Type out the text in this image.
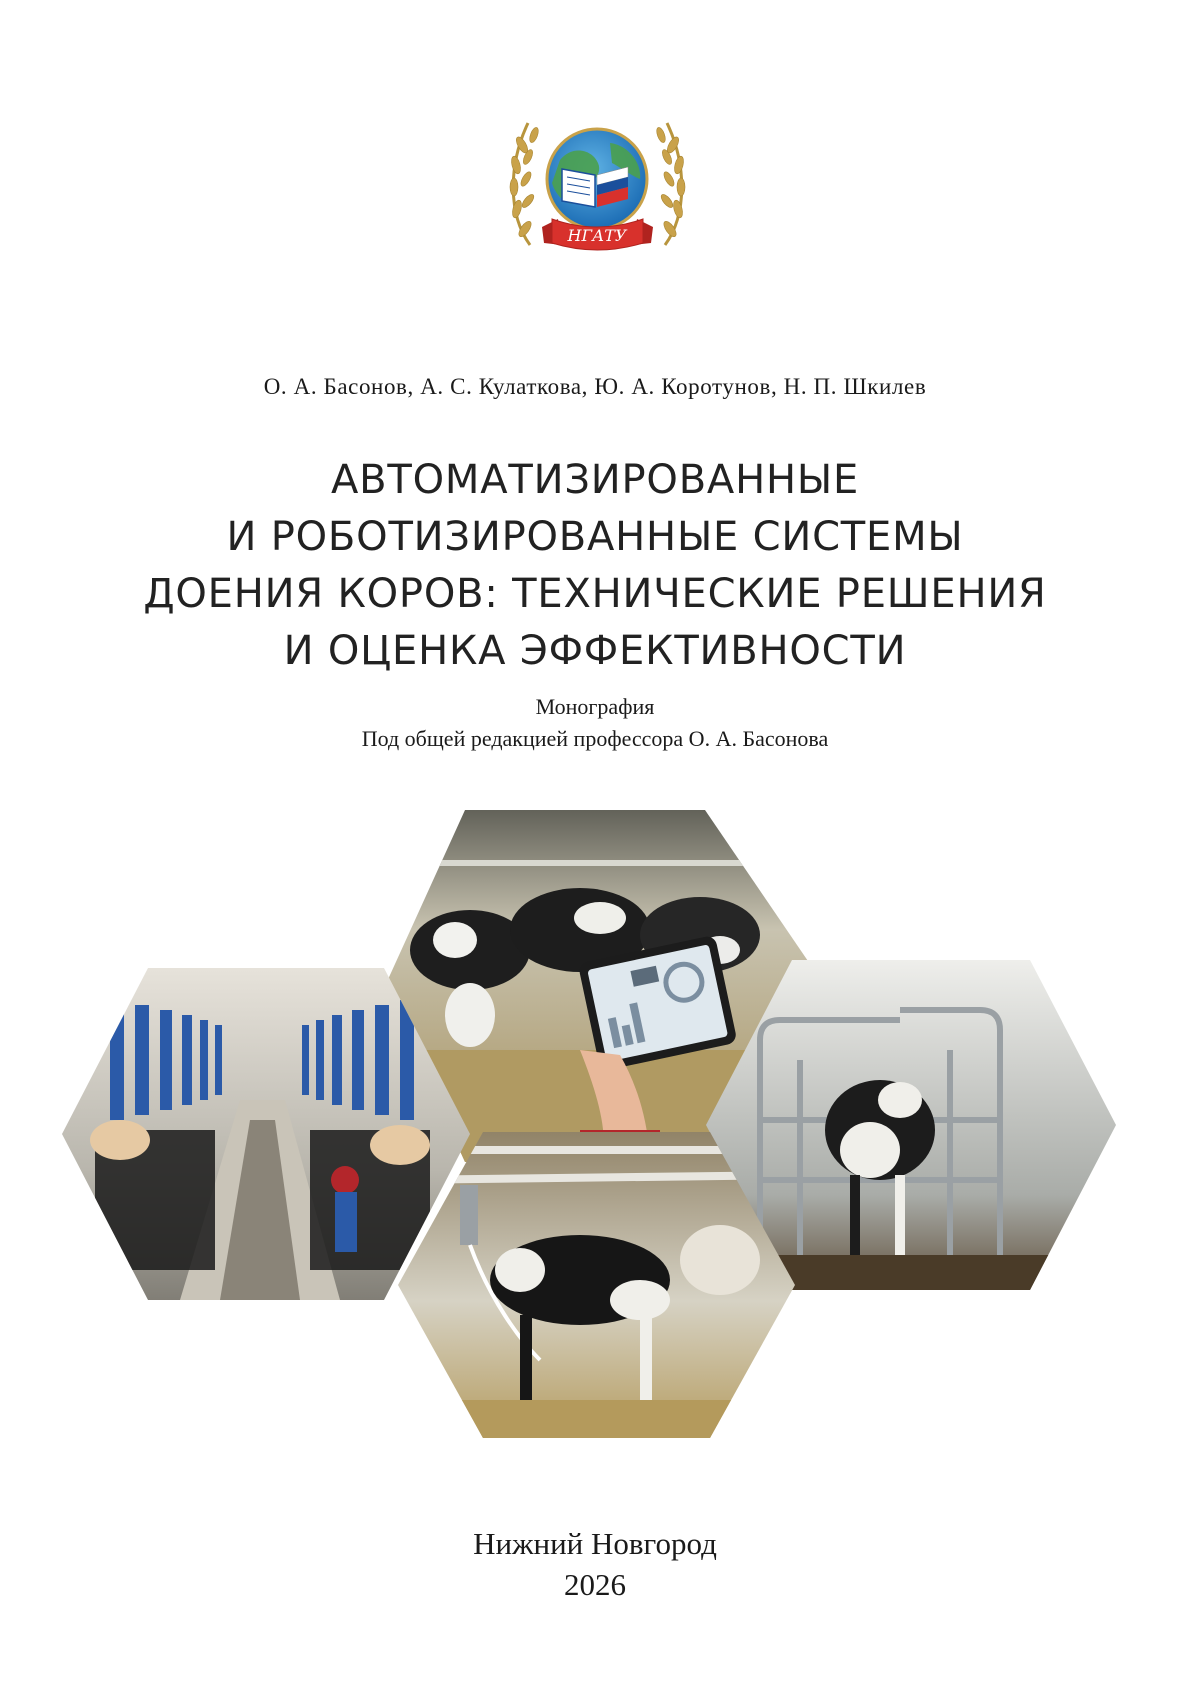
НГАТУ
О. А. Басонов, А. С. Кулаткова, Ю. А. Коротунов, Н. П. Шкилев
АВТОМАТИЗИРОВАННЫЕ
И РОБОТИЗИРОВАННЫЕ СИСТЕМЫ
ДОЕНИЯ КОРОВ: ТЕХНИЧЕСКИЕ РЕШЕНИЯ
И ОЦЕНКА ЭФФЕКТИВНОСТИ
Монография
Под общей редакцией профессора О. А. Басонова
Нижний Новгород
2026
